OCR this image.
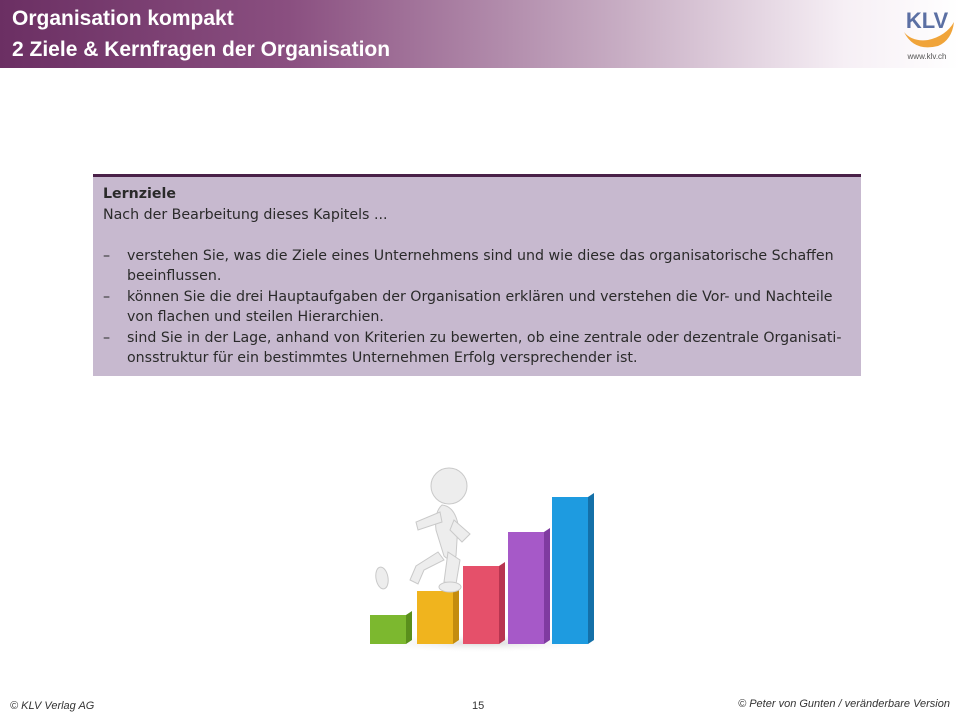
Organisation kompakt
2 Ziele & Kernfragen der Organisation
KLV
www.klv.ch
Lernziele
Nach der Bearbeitung dieses Kapitels ...
– verstehen Sie, was die Ziele eines Unternehmens sind und wie diese das organisatorische Schaffen
beeinflussen.
– können Sie die drei Hauptaufgaben der Organisation erklären und verstehen die Vor- und Nachteile
von flachen und steilen Hierarchien.
– sind Sie in der Lage, anhand von Kriterien zu bewerten, ob eine zentrale oder dezentrale Organisati-
onsstruktur für ein bestimmtes Unternehmen Erfolg versprechender ist.
© KLV Verlag AG	15	© Peter von Gunten / veränderbare Version
